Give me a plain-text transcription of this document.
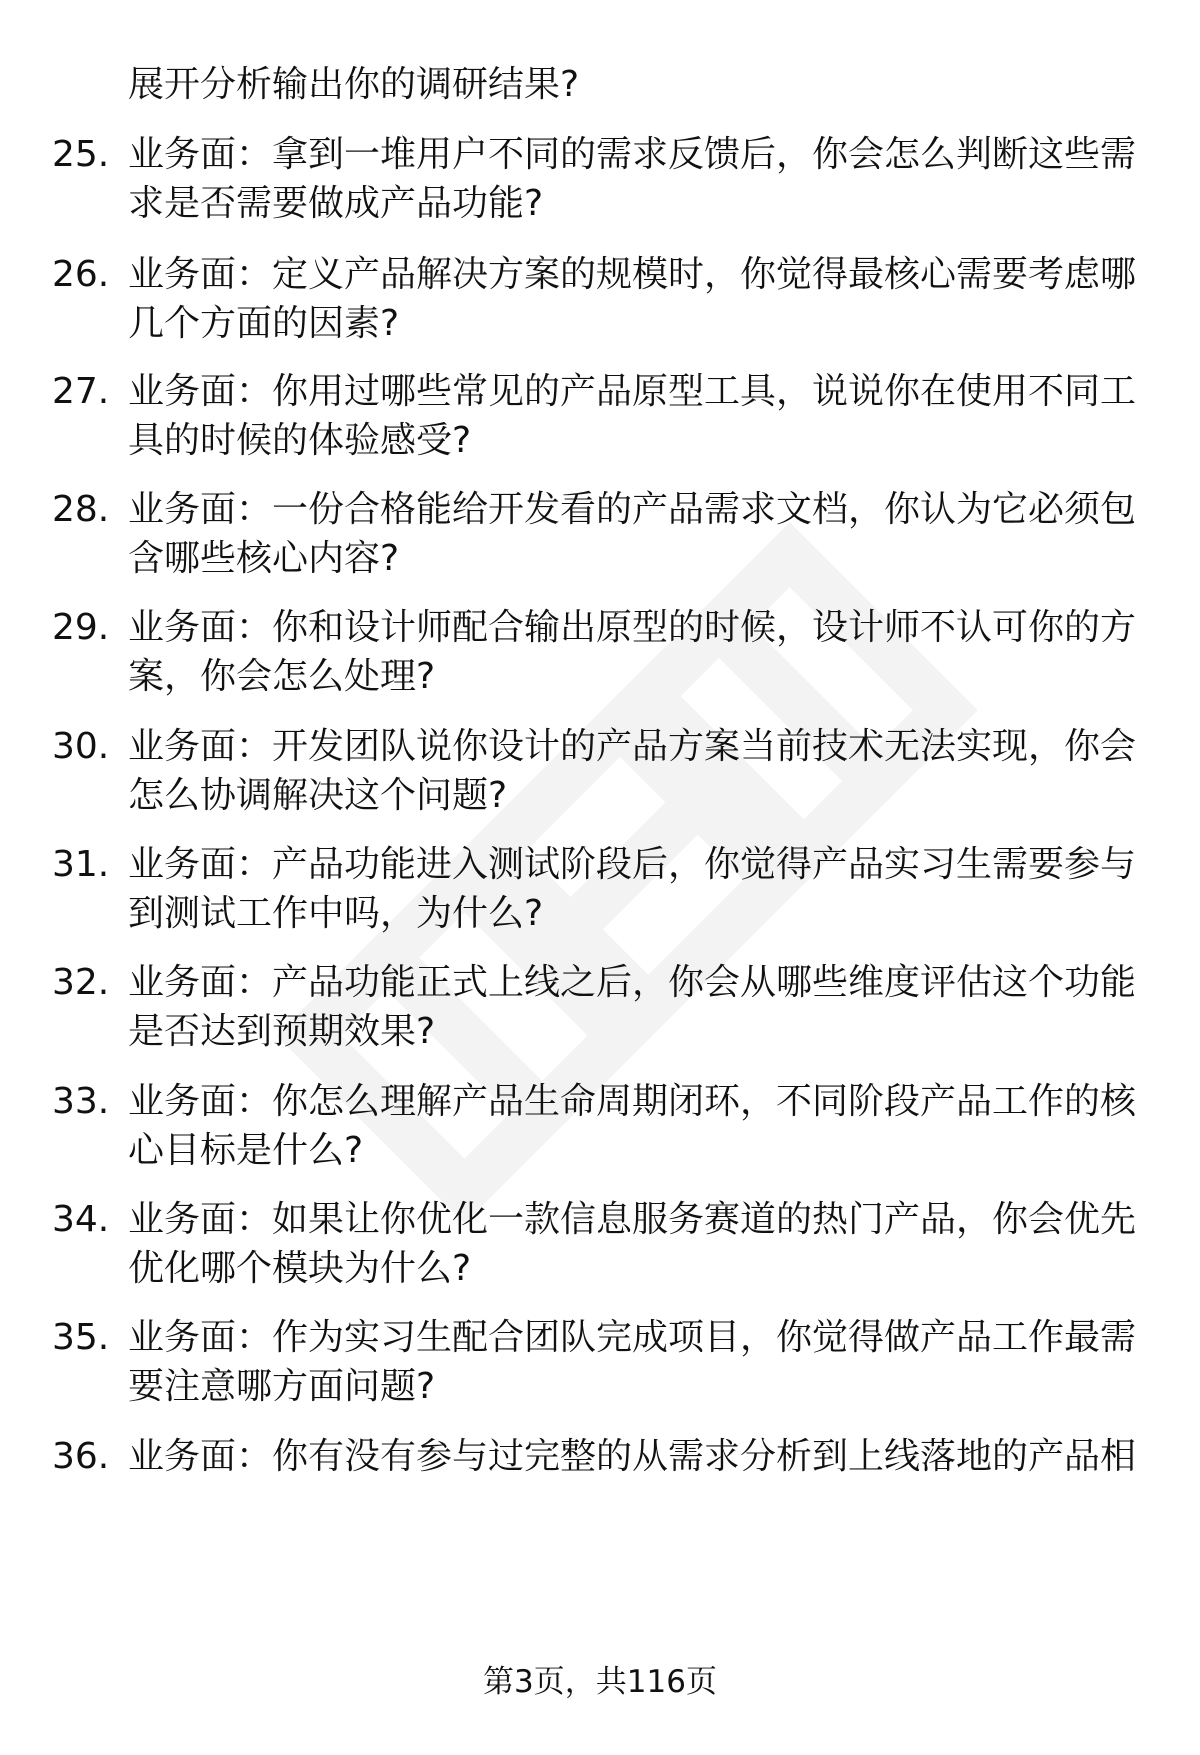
展开分析输出你的调研结果?
25. 业务面：拿到一堆用户不同的需求反馈后，你会怎么判断这些需求是否需要做成产品功能?
26. 业务面：定义产品解决方案的规模时，你觉得最核心需要考虑哪几个方面的因素?
27. 业务面：你用过哪些常见的产品原型工具，说说你在使用不同工具的时候的体验感受?
28. 业务面：一份合格能给开发看的产品需求文档，你认为它必须包含哪些核心内容?
29. 业务面：你和设计师配合输出原型的时候，设计师不认可你的方案，你会怎么处理?
30. 业务面：开发团队说你设计的产品方案当前技术无法实现，你会怎么协调解决这个问题?
31. 业务面：产品功能进入测试阶段后，你觉得产品实习生需要参与到测试工作中吗，为什么?
32. 业务面：产品功能正式上线之后，你会从哪些维度评估这个功能是否达到预期效果?
33. 业务面：你怎么理解产品生命周期闭环，不同阶段产品工作的核心目标是什么?
34. 业务面：如果让你优化一款信息服务赛道的热门产品，你会优先优化哪个模块为什么?
35. 业务面：作为实习生配合团队完成项目，你觉得做产品工作最需要注意哪方面问题?
36. 业务面：你有没有参与过完整的从需求分析到上线落地的产品相
第3页，共116页
